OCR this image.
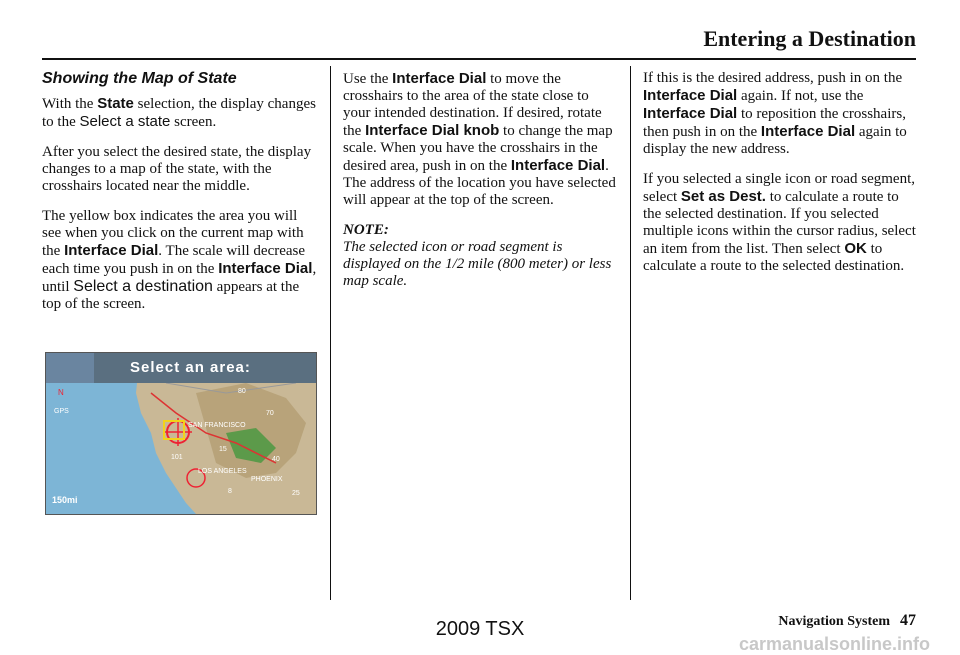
Entering a Destination
Showing the Map of State

With the State selection, the display changes to the Select a state screen.

After you select the desired state, the display changes to a map of the state, with the crosshairs located near the middle.

The yellow box indicates the area you will see when you click on the current map with the Interface Dial. The scale will decrease each time you push in on the Interface Dial, until Select a destination appears at the top of the screen.

SAN FRANCISCO
LOS ANGELES
PHOENIX
101
80
70
15
40
8	25
150mi
N
GPS
Select an area:

Use the Interface Dial to move the crosshairs to the area of the state close to your intended destination. If desired, rotate the Interface Dial knob to change the map scale. When you have the crosshairs in the desired area, push in on the Interface Dial. The address of the location you have selected will appear at the top of the screen.

NOTE:
The selected icon or road segment is displayed on the 1/2 mile (800 meter) or less map scale.

If this is the desired address, push in on the Interface Dial again. If not, use the Interface Dial to reposition the crosshairs, then push in on the Interface Dial again to display the new address.

If you selected a single icon or road segment, select Set as Dest. to calculate a route to the selected destination. If you selected multiple icons within the cursor radius, select an item from the list. Then select OK to calculate a route to the selected destination.

Navigation System 47
2009 TSX
carmanualsonline.info
